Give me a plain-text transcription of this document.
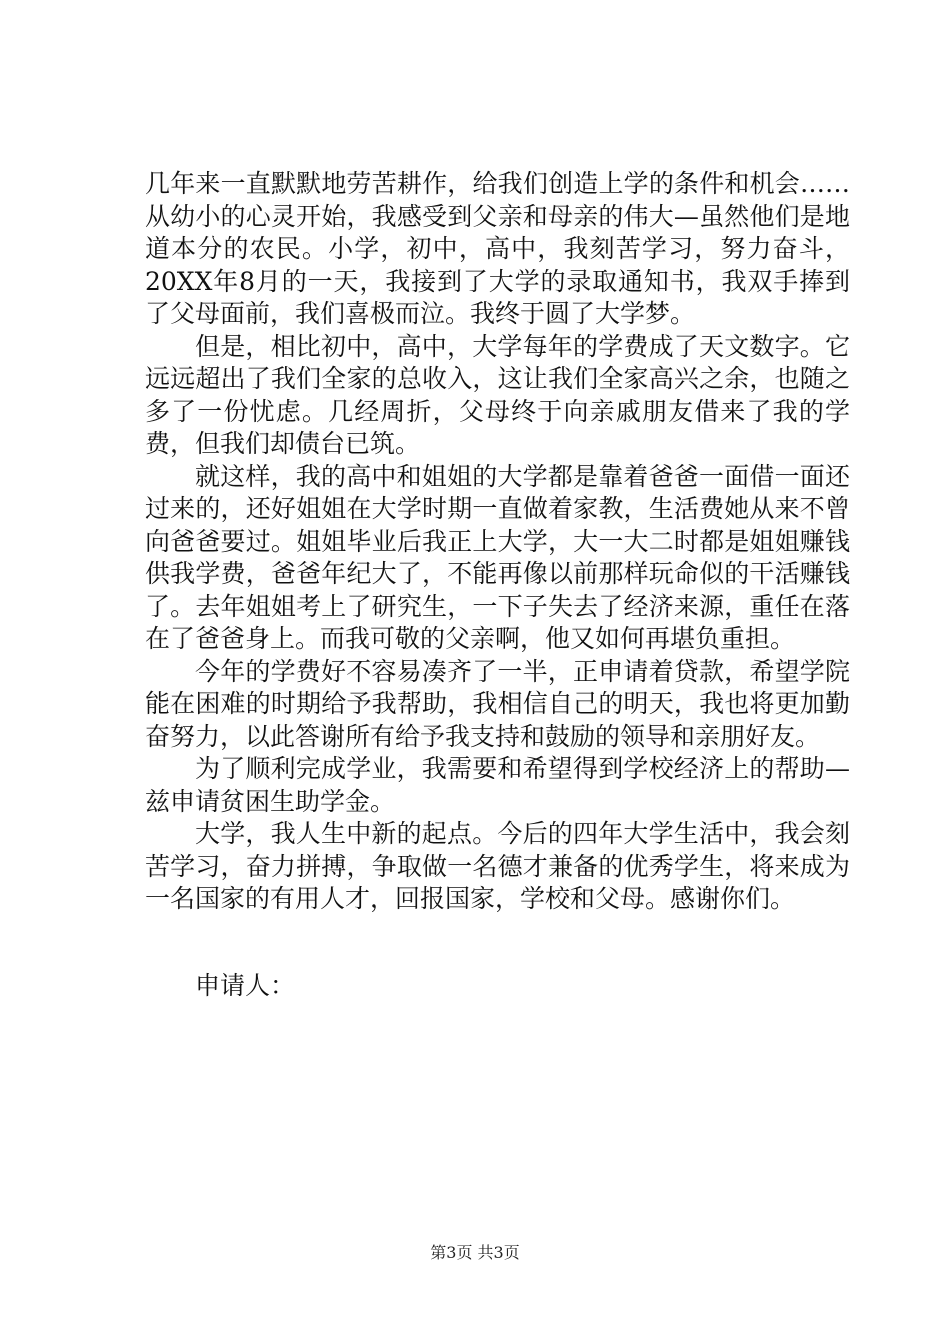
几年来一直默默地劳苦耕作，给我们创造上学的条件和机会……从幼小的心灵开始，我感受到父亲和母亲的伟大—虽然他们是地道本分的农民。小学，初中，高中，我刻苦学习，努力奋斗，20XX年8月的一天，我接到了大学的录取通知书，我双手捧到了父母面前，我们喜极而泣。我终于圆了大学梦。

但是，相比初中，高中，大学每年的学费成了天文数字。它远远超出了我们全家的总收入，这让我们全家高兴之余，也随之多了一份忧虑。几经周折，父母终于向亲戚朋友借来了我的学费，但我们却债台已筑。

就这样，我的高中和姐姐的大学都是靠着爸爸一面借一面还过来的，还好姐姐在大学时期一直做着家教，生活费她从来不曾向爸爸要过。姐姐毕业后我正上大学，大一大二时都是姐姐赚钱供我学费，爸爸年纪大了，不能再像以前那样玩命似的干活赚钱了。去年姐姐考上了研究生，一下子失去了经济来源，重任在落在了爸爸身上。而我可敬的父亲啊，他又如何再堪负重担。

今年的学费好不容易凑齐了一半，正申请着贷款，希望学院能在困难的时期给予我帮助，我相信自己的明天，我也将更加勤奋努力，以此答谢所有给予我支持和鼓励的领导和亲朋好友。

为了顺利完成学业，我需要和希望得到学校经济上的帮助—兹申请贫困生助学金。

大学，我人生中新的起点。今后的四年大学生活中，我会刻苦学习，奋力拼搏，争取做一名德才兼备的优秀学生，将来成为一名国家的有用人才，回报国家，学校和父母。感谢你们。

申请人：
第3页 共3页
